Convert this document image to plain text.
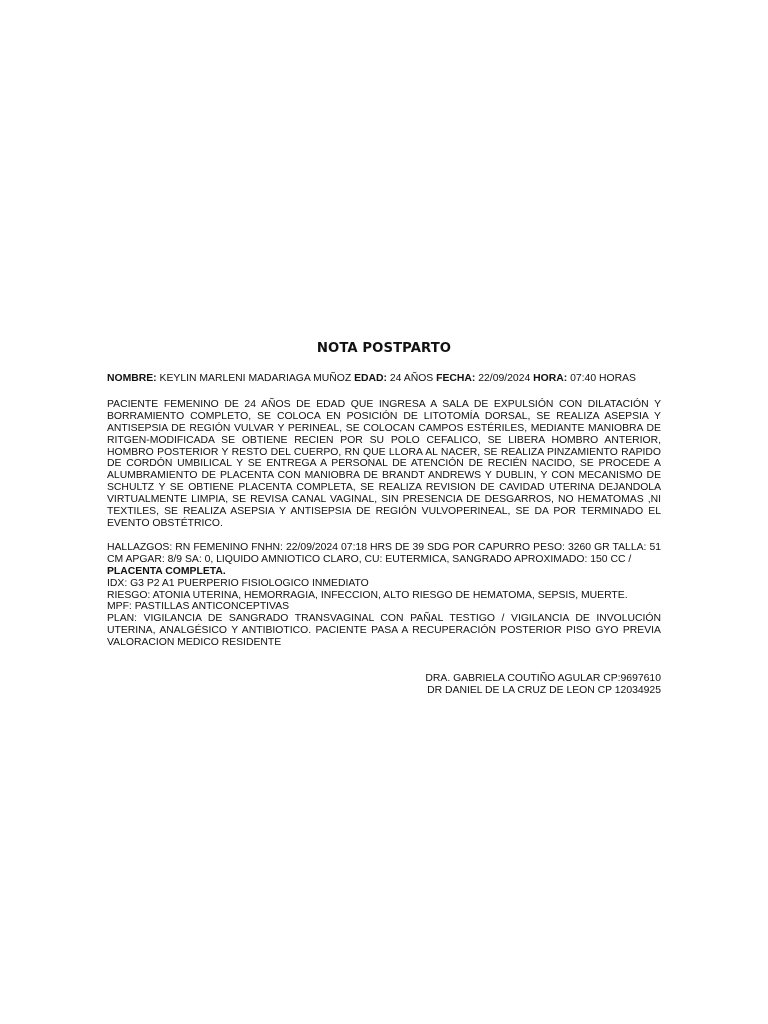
NOTA POSTPARTO
NOMBRE: KEYLIN MARLENI MADARIAGA MUÑOZ EDAD: 24 AÑOS FECHA: 22/09/2024 HORA: 07:40 HORAS
PACIENTE FEMENINO DE 24 AÑOS DE EDAD QUE INGRESA A SALA DE EXPULSIÓN CON DILATACIÓN Y BORRAMIENTO COMPLETO, SE COLOCA EN POSICIÓN DE LITOTOMÍA DORSAL, SE REALIZA ASEPSIA Y ANTISEPSIA DE REGIÓN VULVAR Y PERINEAL, SE COLOCAN CAMPOS ESTÉRILES, MEDIANTE MANIOBRA DE RITGEN-MODIFICADA SE OBTIENE RECIEN POR SU POLO CEFALICO, SE LIBERA HOMBRO ANTERIOR, HOMBRO POSTERIOR Y RESTO DEL CUERPO, RN QUE LLORA AL NACER, SE REALIZA PINZAMIENTO RAPIDO DE CORDÓN UMBILICAL Y SE ENTREGA A PERSONAL DE ATENCIÓN DE RECIÉN NACIDO, SE PROCEDE A ALUMBRAMIENTO DE PLACENTA CON MANIOBRA DE BRANDT ANDREWS Y DUBLIN, Y CON MECANISMO DE SCHULTZ Y SE OBTIENE PLACENTA COMPLETA, SE REALIZA REVISION DE CAVIDAD UTERINA DEJANDOLA VIRTUALMENTE LIMPIA, SE REVISA CANAL VAGINAL, SIN PRESENCIA DE DESGARROS, NO HEMATOMAS ,NI TEXTILES, SE REALIZA ASEPSIA Y ANTISEPSIA DE REGIÓN VULVOPERINEAL, SE DA POR TERMINADO EL EVENTO OBSTÉTRICO.
HALLAZGOS: RN FEMENINO FNHN: 22/09/2024 07:18 HRS DE 39 SDG POR CAPURRO PESO: 3260 GR TALLA: 51 CM APGAR: 8/9 SA: 0, LIQUIDO AMNIOTICO CLARO, CU: EUTERMICA, SANGRADO APROXIMADO: 150 CC /
PLACENTA COMPLETA.
IDX: G3 P2 A1 PUERPERIO FISIOLOGICO INMEDIATO
RIESGO: ATONIA UTERINA, HEMORRAGIA, INFECCION, ALTO RIESGO DE HEMATOMA, SEPSIS, MUERTE.
MPF: PASTILLAS ANTICONCEPTIVAS
PLAN: VIGILANCIA DE SANGRADO TRANSVAGINAL CON PAÑAL TESTIGO / VIGILANCIA DE INVOLUCIÓN UTERINA, ANALGÉSICO Y ANTIBIOTICO. PACIENTE PASA A RECUPERACIÓN POSTERIOR PISO GYO PREVIA VALORACION MEDICO RESIDENTE
DRA. GABRIELA COUTIÑO AGULAR CP:9697610
DR DANIEL DE LA CRUZ DE LEON CP 12034925
